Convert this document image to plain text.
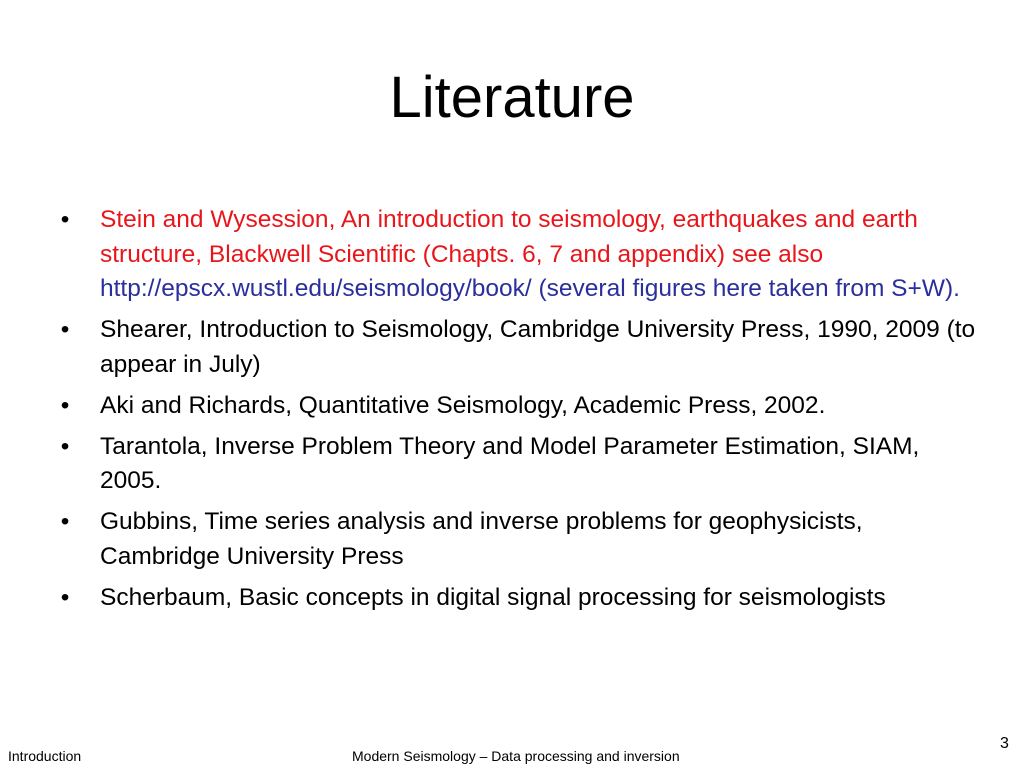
Literature
• Stein and Wysession, An introduction to seismology, earthquakes and earth structure, Blackwell Scientific (Chapts. 6, 7 and appendix) see also http://epscx.wustl.edu/seismology/book/ (several figures here taken from S+W).
• Shearer, Introduction to Seismology, Cambridge University Press, 1990, 2009 (to appear in July)
• Aki and Richards, Quantitative Seismology, Academic Press, 2002.
• Tarantola, Inverse Problem Theory and Model Parameter Estimation, SIAM, 2005.
• Gubbins, Time series analysis and inverse problems for geophysicists, Cambridge University Press
• Scherbaum, Basic concepts in digital signal processing for seismologists
Introduction	Modern Seismology – Data processing and inversion
3
